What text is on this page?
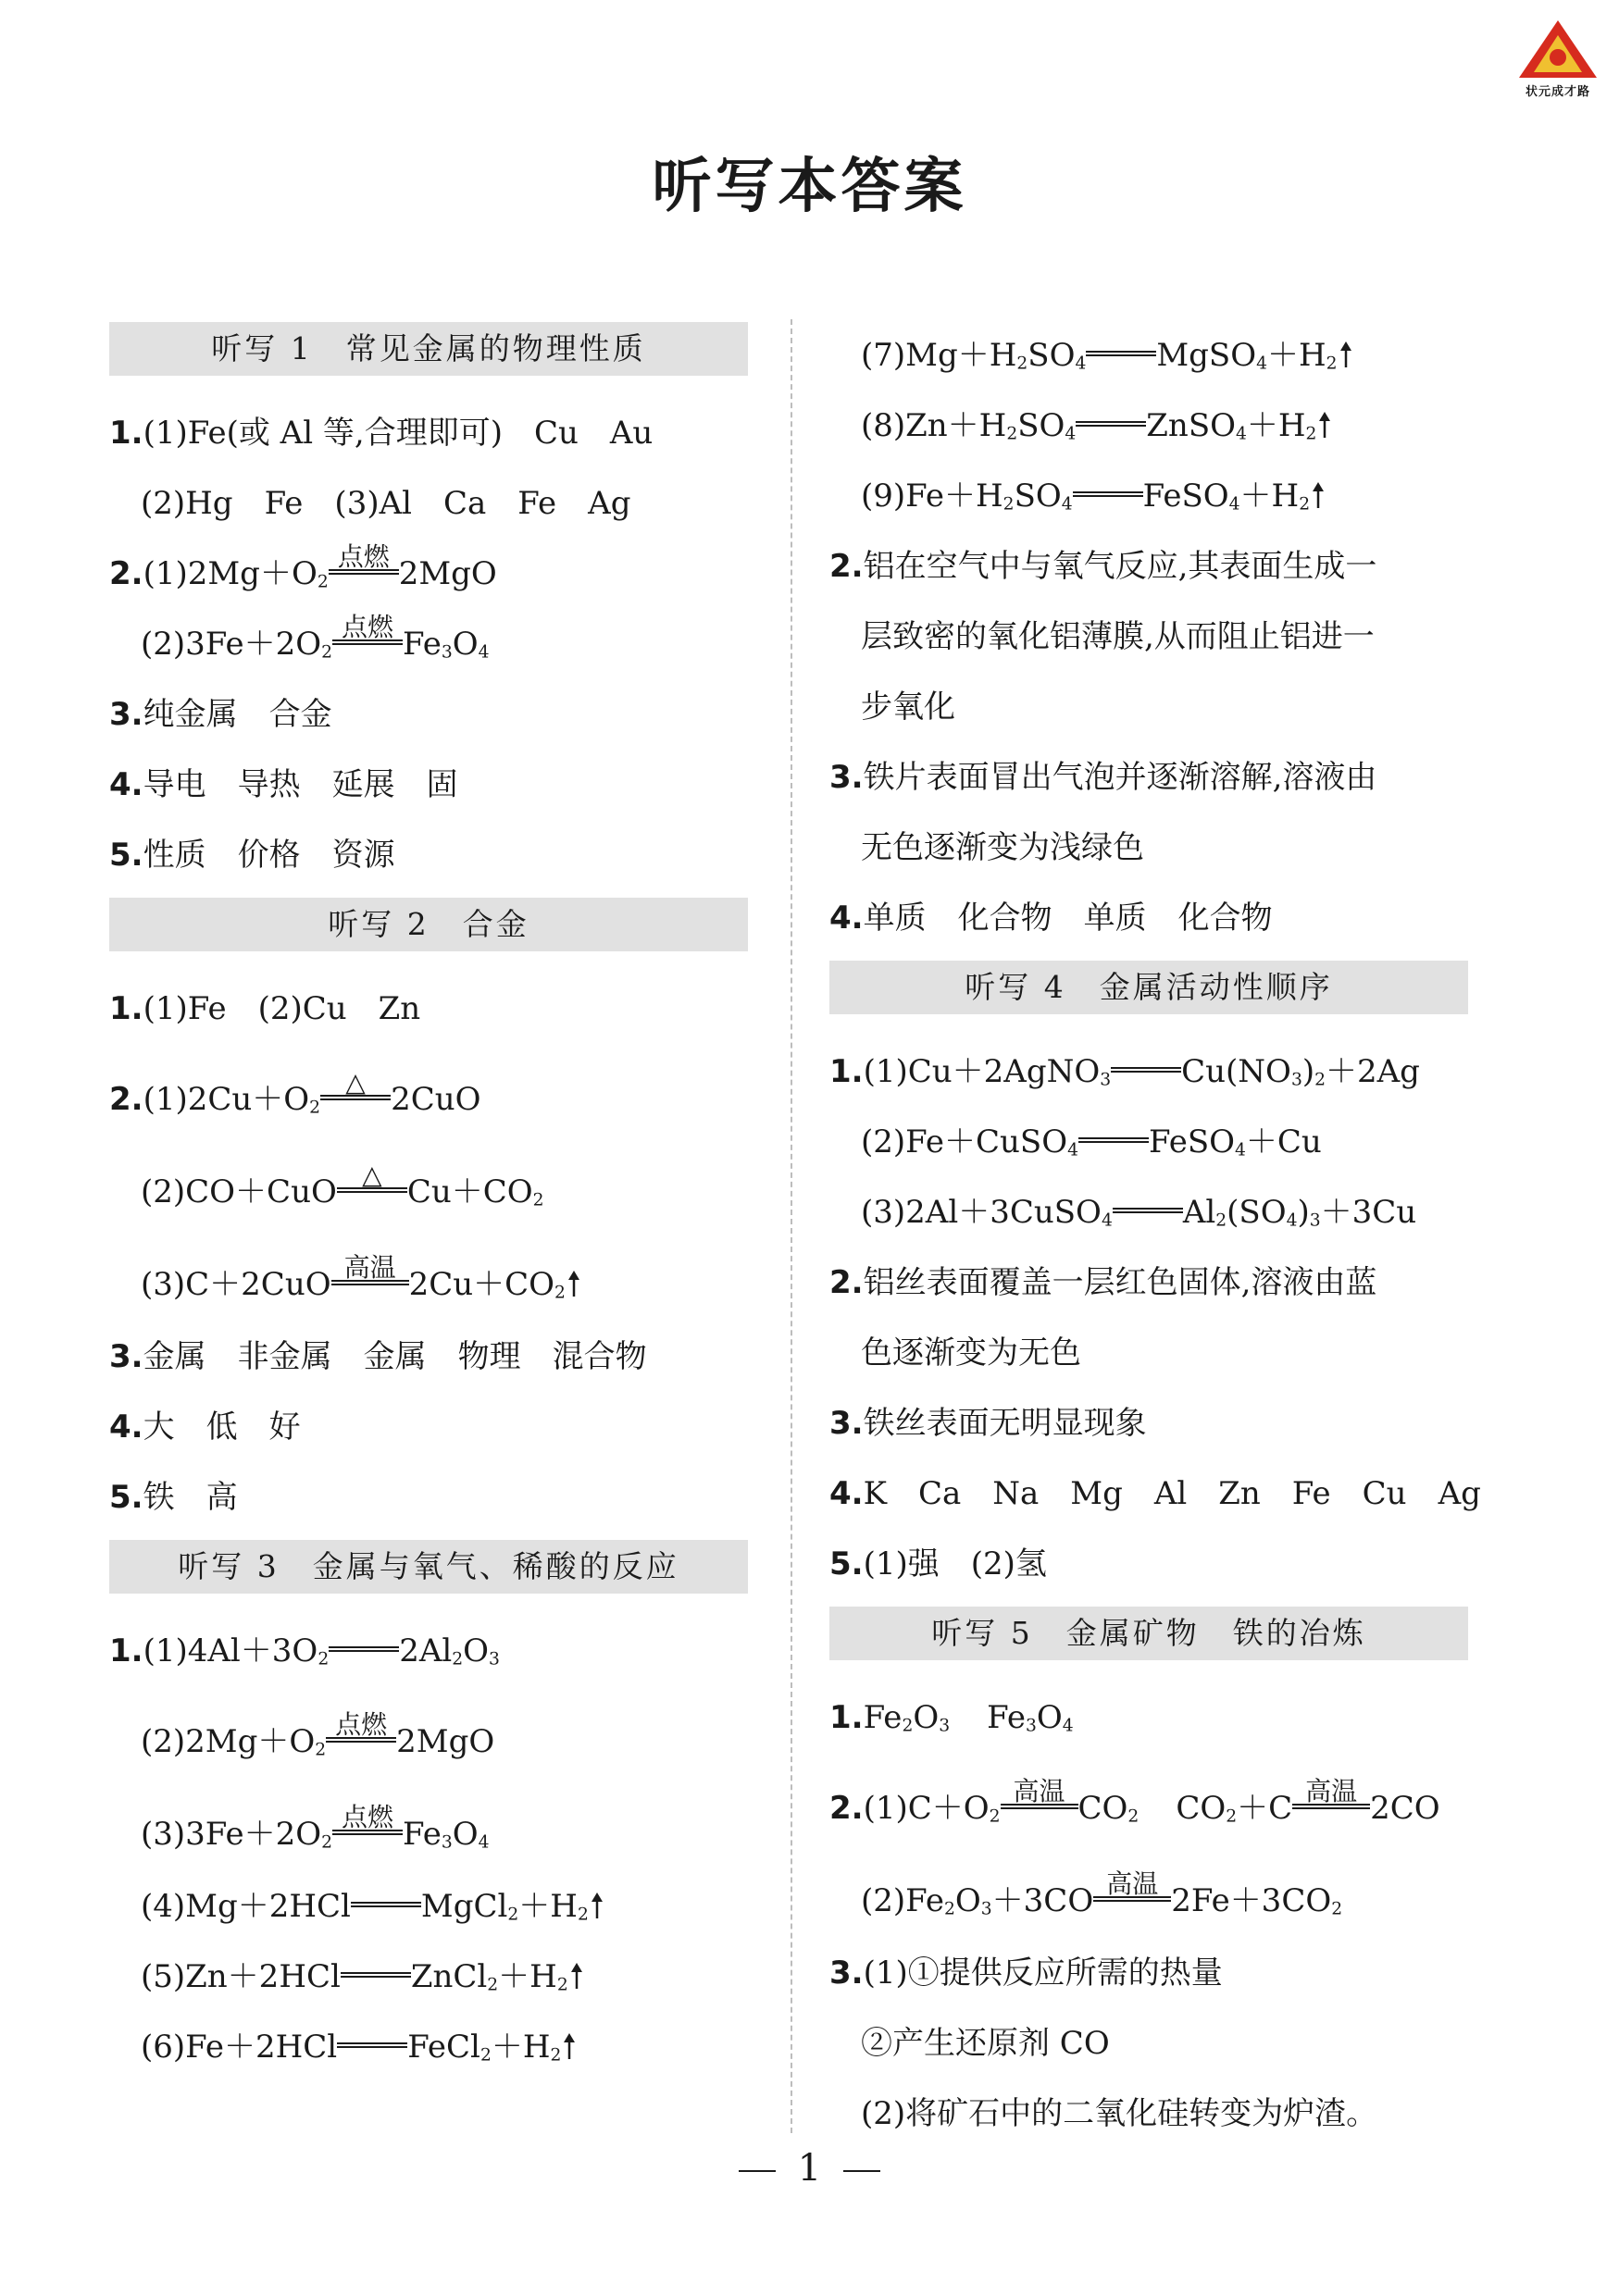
状元成才路
听写本答案
听写 1　常见金属的物理性质
1.(1)Fe(或 Al 等,合理即可)　Cu　Au
(2)Hg　Fe　(3)Al　Ca　Fe　Ag
$2.(1)2Mg+O_2$
点燃 2MgO
$(2)3Fe+2O_2$
点燃 $Fe_3O_4$
3.纯金属　合金
4.导电　导热　延展　固
5.性质　价格　资源
听写 2　合金
1.(1)Fe　(2)Cu　Zn
$2.(1)2Cu+O_2$
△ 2CuO
(2)CO＋CuO △ $Cu+CO_2$
(3)C＋2CuO 高温 $2Cu+CO_2$
3.金属　非金属　金属　物理　混合物
4.大　低　好
5.铁　高
听写 3　金属与氧气、稀酸的反应
$1.(1)4Al+3O_2$ $2Al_2O_3$
$(2)2Mg+O_2$
点燃 2MgO
$(3)3Fe+2O_2$
点燃 $Fe_3O_4$
(4)Mg＋2HCl $MgCl_2+H_2$
(5)Zn＋2HCl $ZnCl_2+H_2$
(6)Fe＋2HCl $FeCl_2+H_2$
$(7)Mg+H_2SO_4$ $MgSO_4+H_2$
$(8)Zn+H_2SO_4$ $ZnSO_4+H_2$
$(9)Fe+H_2SO_4$ $FeSO_4+H_2$
2.铝在空气中与氧气反应,其表面生成一
层致密的氧化铝薄膜,从而阻止铝进一
步氧化
3.铁片表面冒出气泡并逐渐溶解,溶液由
无色逐渐变为浅绿色
4.单质　化合物　单质　化合物
听写 4　金属活动性顺序
1.(1)Cu＋2AgNO$_3$ $Cu(NO_3)_2+2Ag$
(2)Fe＋CuSO$_4$ FeSO$_4$＋Cu
(3)2Al＋3CuSO$_4$ $Al_2(SO_4)_3+3Cu$
2.铝丝表面覆盖一层红色固体,溶液由蓝
色逐渐变为无色
3.铁丝表面无明显现象
4.K　Ca　Na　Mg　Al　Zn　Fe　Cu　Ag
5.(1)强　(2)氢
听写 5　金属矿物　铁的冶炼
$1.Fe_2O_3$ $Fe_3O_4$
$2.(1)C+O_2$
高温 $CO_2$ $CO_2+C$ 高温 2CO
$(2)Fe_2O_3+3CO$ 高温 $2Fe+3CO_2$
3.(1)①提供反应所需的热量
②产生还原剂 CO
(2)将矿石中的二氧化硅转变为炉渣。
1
